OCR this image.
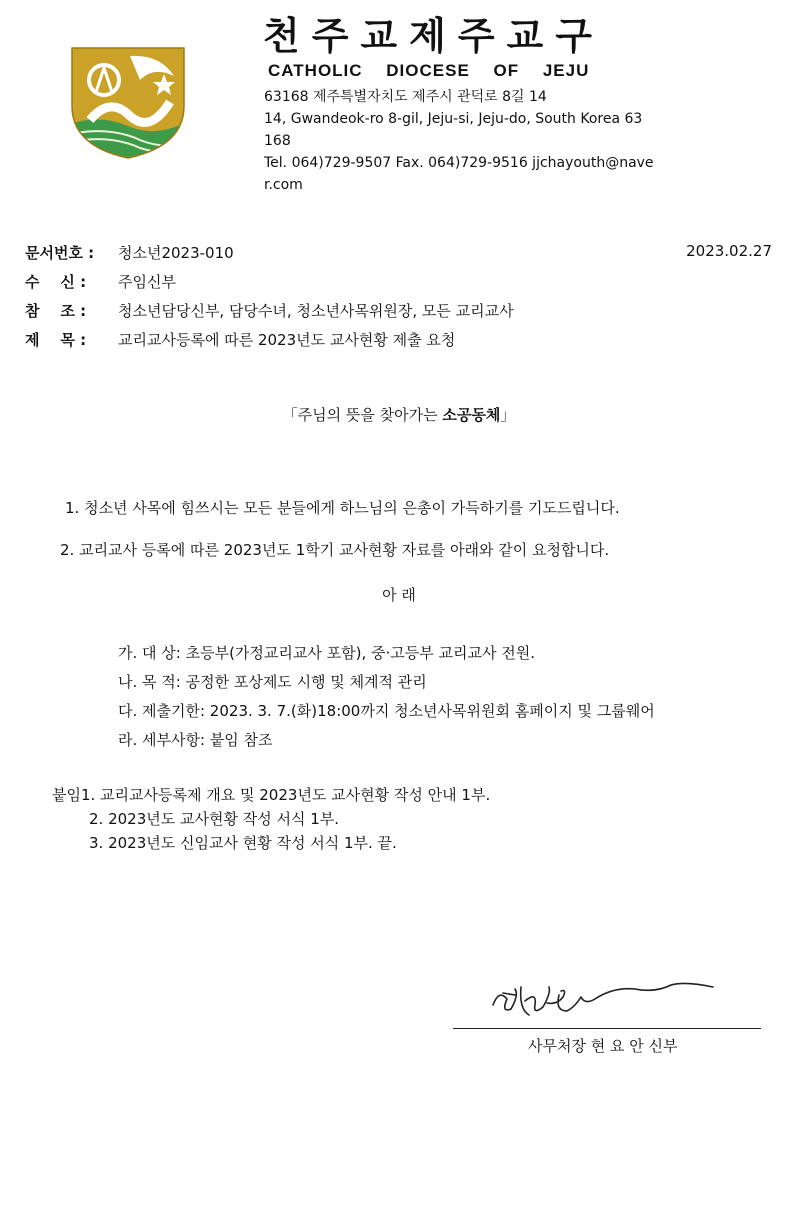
천주교제주교구
CATHOLIC DIOCESE OF JEJU
63168 제주특별자치도 제주시 관덕로 8길 14
14, Gwandeok-ro 8-gil, Jeju-si, Jeju-do, South Korea 63
168
Tel. 064)729-9507 Fax. 064)729-9516 jjchayouth@nave
r.com
문서번호 :	청소년2023-010	2023.02.27
수    신 :	주임신부
참    조 :	청소년담당신부, 담당수녀, 청소년사목위원장, 모든 교리교사
제    목 :	교리교사등록에 따른 2023년도 교사현황 제출 요청
「주님의 뜻을 찾아가는 소공동체」
1. 청소년 사목에 힘쓰시는 모든 분들에게 하느님의 은총이 가득하기를 기도드립니다.
2. 교리교사 등록에 따른 2023년도 1학기 교사현황 자료를 아래와 같이 요청합니다.
아 래
가. 대 상: 초등부(가정교리교사 포함), 중·고등부 교리교사 전원.
나. 목 적: 공정한 포상제도 시행 및 체계적 관리
다. 제출기한: 2023. 3. 7.(화)18:00까지 청소년사목위원회 홈페이지 및 그룹웨어
라. 세부사항: 붙임 참조
붙임1. 교리교사등록제 개요 및 2023년도 교사현황 작성 안내 1부.
2. 2023년도 교사현황 작성 서식 1부.
3. 2023년도 신임교사 현황 작성 서식 1부. 끝.
사무처장 현 요 안 신부
